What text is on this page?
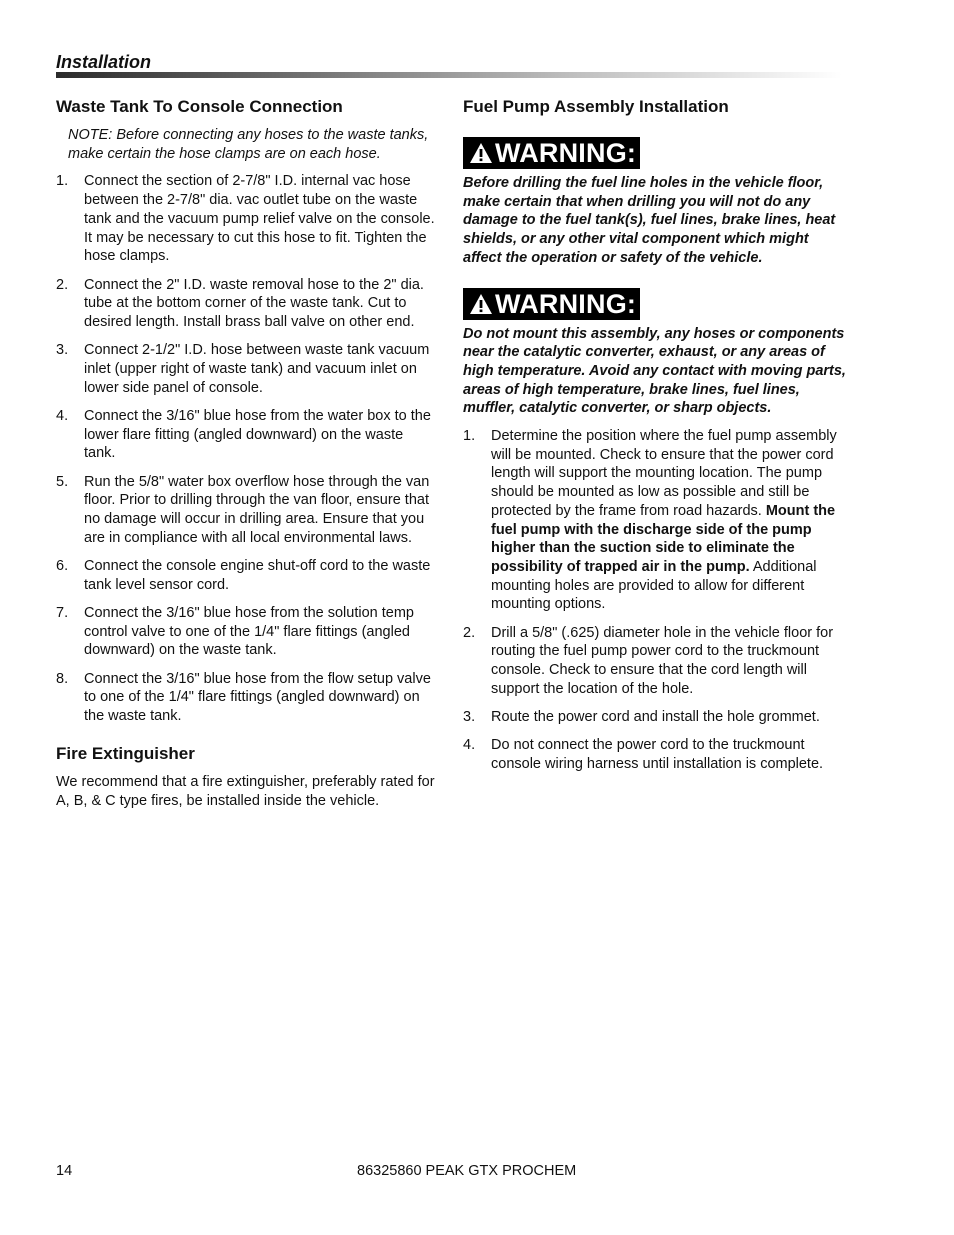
Installation
Waste Tank To Console Connection

NOTE: Before connecting any hoses to the waste tanks, make certain the hose clamps are on each hose.

1. Connect the section of 2-7/8" I.D. internal vac hose between the 2-7/8" dia. vac outlet tube on the waste tank and the vacuum pump relief valve on the console. It may be necessary to cut this hose to fit. Tighten the hose clamps.
2. Connect the 2" I.D. waste removal hose to the 2" dia. tube at the bottom corner of the waste tank. Cut to desired length. Install brass ball valve on other end.
3. Connect 2-1/2" I.D. hose between waste tank vacuum inlet (upper right of waste tank) and vacuum inlet on lower side panel of console.
4. Connect the 3/16" blue hose from the water box to the lower flare fitting (angled downward) on the waste tank.
5. Run the 5/8" water box overflow hose through the van floor. Prior to drilling through the van floor, ensure that no damage will occur in drilling area. Ensure that you are in compliance with all local environmental laws.
6. Connect the console engine shut-off cord to the waste tank level sensor cord.
7. Connect the 3/16" blue hose from the solution temp control valve to one of the 1/4" flare fittings (angled downward) on the waste tank.
8. Connect the 3/16" blue hose from the flow setup valve to one of the 1/4" flare fittings (angled downward) on the waste tank.
Fire Extinguisher

We recommend that a fire extinguisher, preferably rated for A, B, & C type fires, be installed inside the vehicle.

Fuel Pump Assembly Installation
WARNING:

Before drilling the fuel line holes in the vehicle floor, make certain that when drilling you will not do any damage to the fuel tank(s), fuel lines, brake lines, heat shields, or any other vital component which might affect the operation or safety of the vehicle.

WARNING:

Do not mount this assembly, any hoses or components near the catalytic converter, exhaust, or any areas of high temperature. Avoid any contact with moving parts, areas of high temperature, brake lines, fuel lines, muffler, catalytic converter, or sharp objects.

1. Determine the position where the fuel pump assembly will be mounted. Check to ensure that the power cord length will support the mounting location. The pump should be mounted as low as possible and still be protected by the frame from road hazards. Mount the fuel pump with the discharge side of the pump higher than the suction side to eliminate the possibility of trapped air in the pump. Additional mounting holes are provided to allow for different mounting options.
2. Drill a 5/8" (.625) diameter hole in the vehicle floor for routing the fuel pump power cord to the truckmount console. Check to ensure that the cord length will support the location of the hole.
3. Route the power cord and install the hole grommet.
4. Do not connect the power cord to the truckmount console wiring harness until installation is complete.
14	86325860 PEAK GTX PROCHEM
